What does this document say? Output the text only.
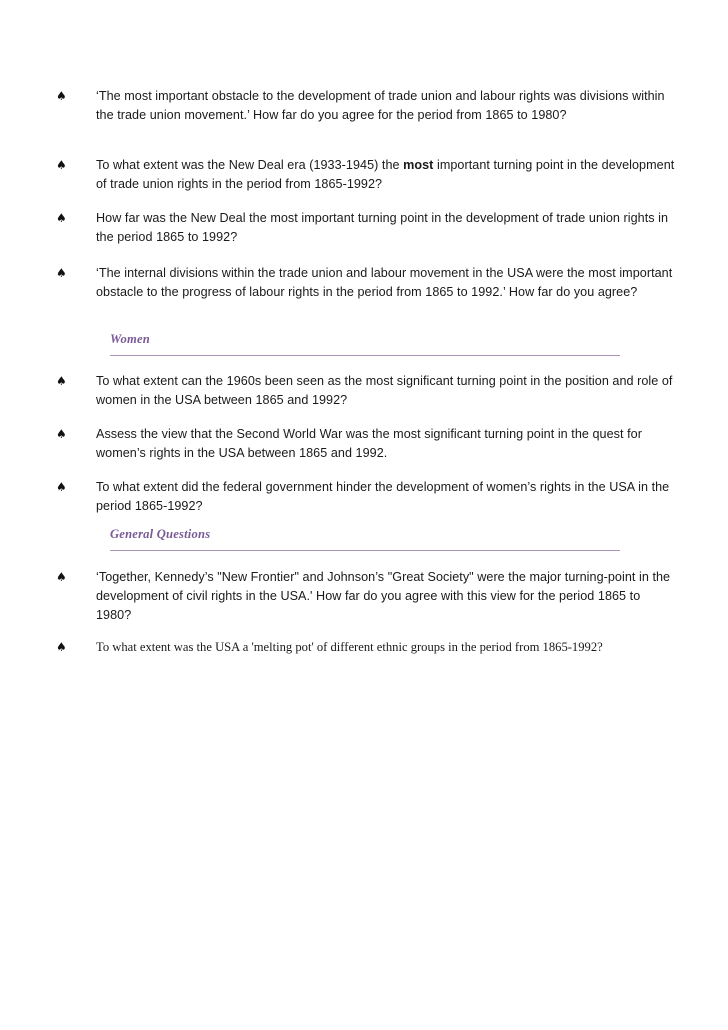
♠ ‘The most important obstacle to the development of trade union and labour rights was divisions within the trade union movement.’ How far do you agree for the period from 1865 to 1980?
♠ To what extent was the New Deal era (1933-1945) the most important turning point in the development of trade union rights in the period from 1865-1992?
♠ How far was the New Deal the most important turning point in the development of trade union rights in the period 1865 to 1992?
♠ ‘The internal divisions within the trade union and labour movement in the USA were the most important obstacle to the progress of labour rights in the period from 1865 to 1992.’ How far do you agree?
Women
♠ To what extent can the 1960s been seen as the most significant turning point in the position and role of women in the USA between 1865 and 1992?
♠ Assess the view that the Second World War was the most significant turning point in the quest for women’s rights in the USA between 1865 and 1992.
♠ To what extent did the federal government hinder the development of women’s rights in the USA in the period 1865-1992?
General Questions
♠ ‘Together, Kennedy’s "New Frontier" and Johnson’s "Great Society" were the major turning-point in the development of civil rights in the USA.' How far do you agree with this view for the period 1865 to 1980?
♠ To what extent was the USA a 'melting pot' of different ethnic groups in the period from 1865-1992?
